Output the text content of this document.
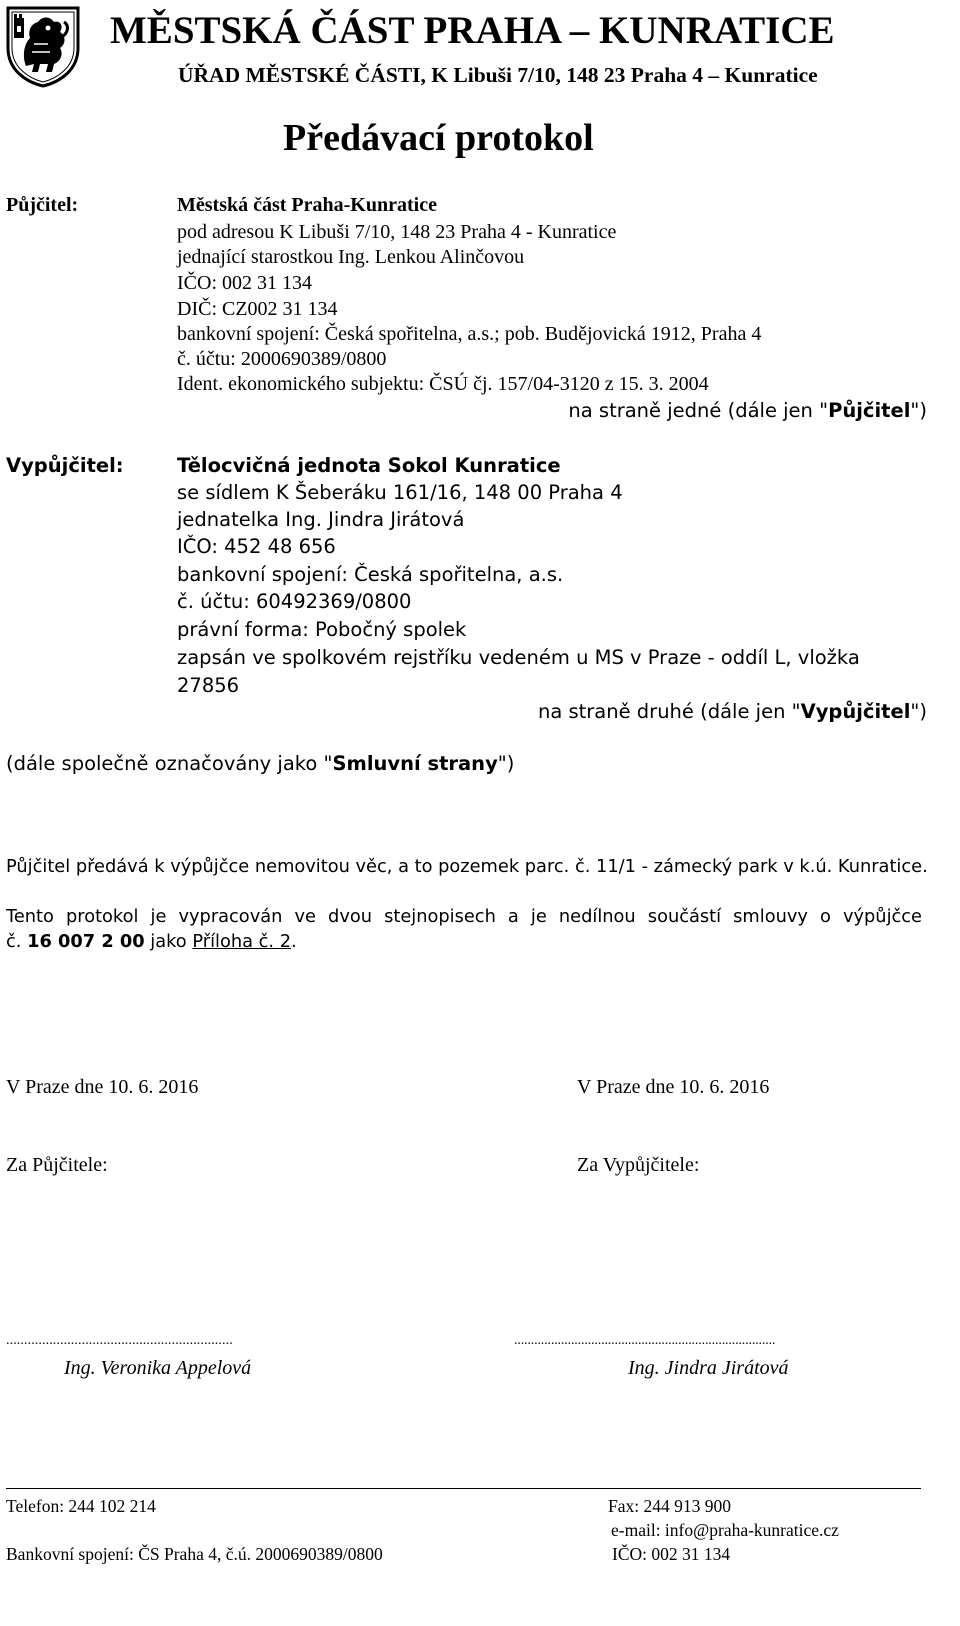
MĚSTSKÁ ČÁST PRAHA – KUNRATICE
ÚŘAD MĚSTSKÉ ČÁSTI, K Libuši 7/10, 148 23 Praha 4 – Kunratice
Předávací protokol
Půjčitel:	Městská část Praha-Kunratice
pod adresou K Libuši 7/10, 148 23 Praha 4 - Kunratice
jednající starostkou Ing. Lenkou Alinčovou
IČO: 002 31 134
DIČ: CZ002 31 134
bankovní spojení: Česká spořitelna, a.s.; pob. Budějovická 1912, Praha 4
č. účtu: 2000690389/0800
Ident. ekonomického subjektu: ČSÚ čj. 157/04-3120 z 15. 3. 2004
na straně jedné (dále jen "Půjčitel")
Vypůjčitel:	Tělocvičná jednota Sokol Kunratice
se sídlem K Šeberáku 161/16, 148 00 Praha 4
jednatelka Ing. Jindra Jirátová
IČO: 452 48 656
bankovní spojení: Česká spořitelna, a.s.
č. účtu: 60492369/0800
právní forma: Pobočný spolek
zapsán ve spolkovém rejstříku vedeném u MS v Praze - oddíl L, vložka
27856
na straně druhé (dále jen "Vypůjčitel")
(dále společně označovány jako "Smluvní strany")
Půjčitel předává k výpůjčce nemovitou věc, a to pozemek parc. č. 11/1 - zámecký park v k.ú. Kunratice.
Tento protokol je vypracován ve dvou stejnopisech a je nedílnou součástí smlouvy o výpůjčce
č. 16 007 2 00 jako Příloha č. 2.
V Praze dne 10. 6. 2016	V Praze dne 10. 6. 2016
Za Půjčitele:	Za Vypůjčitele:
...............................................................	..............................................................................
Ing. Veronika Appelová	Ing. Jindra Jirátová
Telefon: 244 102 214	Fax: 244 913 900
e-mail: info@praha-kunratice.cz
Bankovní spojení: ČS Praha 4, č.ú. 2000690389/0800	IČO: 002 31 134
